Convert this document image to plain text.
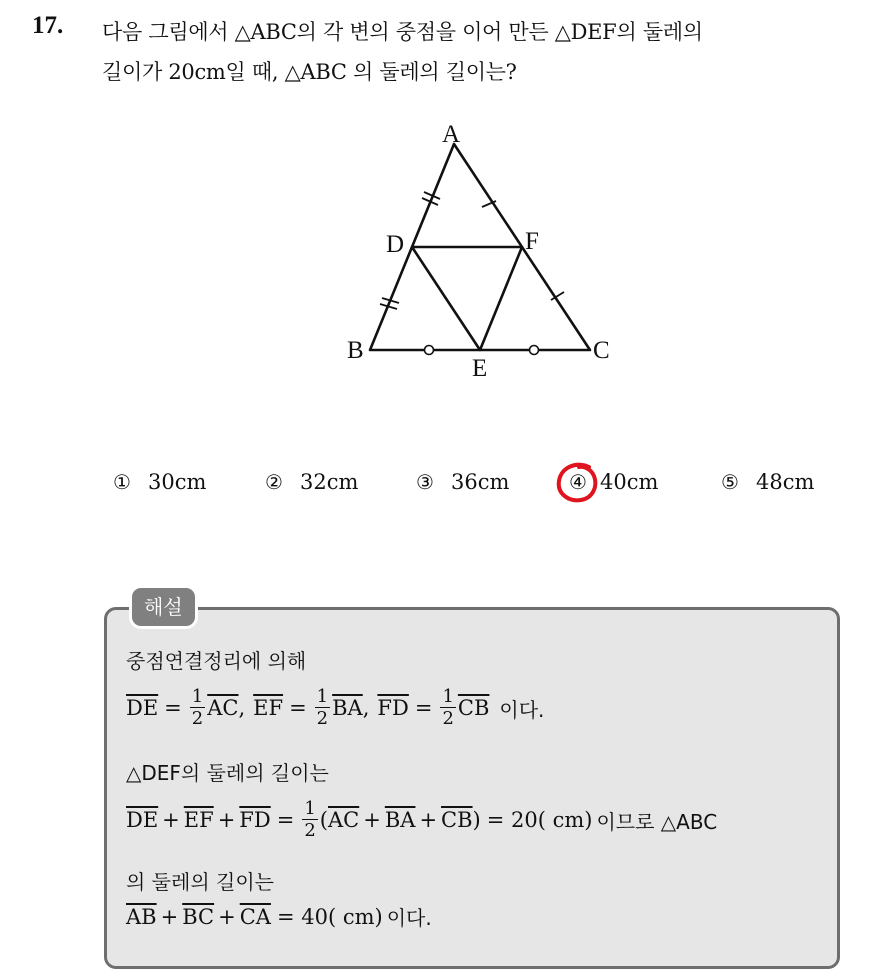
17. 다음 그림에서 △ABC의 각 변의 중점을 이어 만든 △DEF의 둘레의
길이가 20cm일 때, △ABC 의 둘레의 길이는?
A
D	F
B	C
E
① 30cm	② 32cm	③ 36cm	④ 40cm	⑤ 48cm
해설
중점연결정리에 의해
$\overline{DE} = \frac{1}{2} \overline{AC}$ , $\overline{EF} = \frac{1}{2} \overline{BA}$ , $\overline{FD} = \frac{1}{2} \overline{CB}$ 이다.
△DEF의 둘레의 길이는
$\overline{DE} + \overline{EF} + \overline{FD} = \frac{1}{2}$ ( $\overline{AC} + \overline{BA} + \overline{CB}$ ) = 20( cm) 이므로 △ABC
의 둘레의 길이는
$\overline{AB} + \overline{BC} + \overline{CA} = 40$( cm) 이다.
